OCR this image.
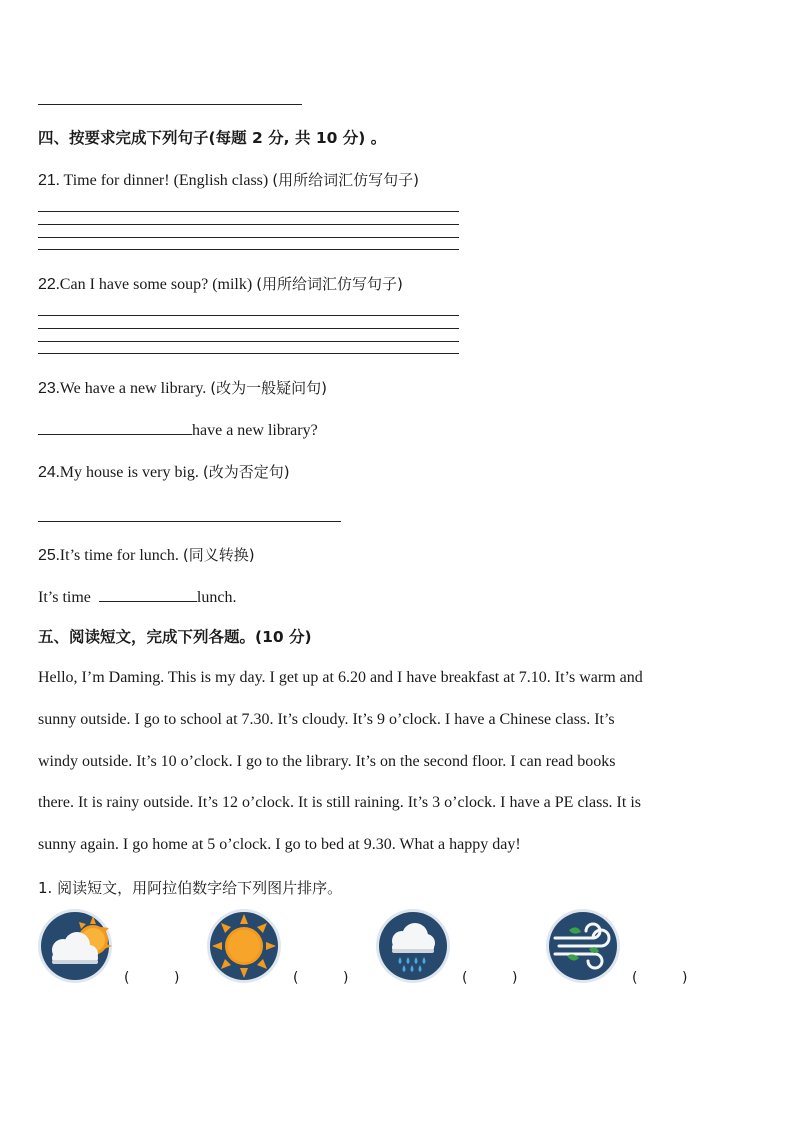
四、按要求完成下列句子(每题 2 分, 共 10 分) 。
21. Time for dinner! (English class) (用所给词汇仿写句子)
22.Can I have some soup? (milk) (用所给词汇仿写句子)
23.We have a new library. (改为一般疑问句)
have a new library?
24.My house is very big. (改为否定句)
25.It’s time for lunch. (同义转换)
It’s time	lunch.
五、阅读短文，完成下列各题。(10 分)
Hello, I’m Daming. This is my day. I get up at 6.20 and I have breakfast at 7.10. It’s warm and
sunny outside. I go to school at 7.30. It’s cloudy. It’s 9 o’clock. I have a Chinese class. It’s
windy outside. It’s 10 o’clock. I go to the library. It’s on the second floor. I can read books
there. It is rainy outside. It’s 12 o’clock. It is still raining. It’s 3 o’clock. I have a PE class. It is
sunny again. I go home at 5 o’clock. I go to bed at 9.30. What a happy day!
1. 阅读短文，用阿拉伯数字给下列图片排序。
(          )	(          )	(          )	(          )
